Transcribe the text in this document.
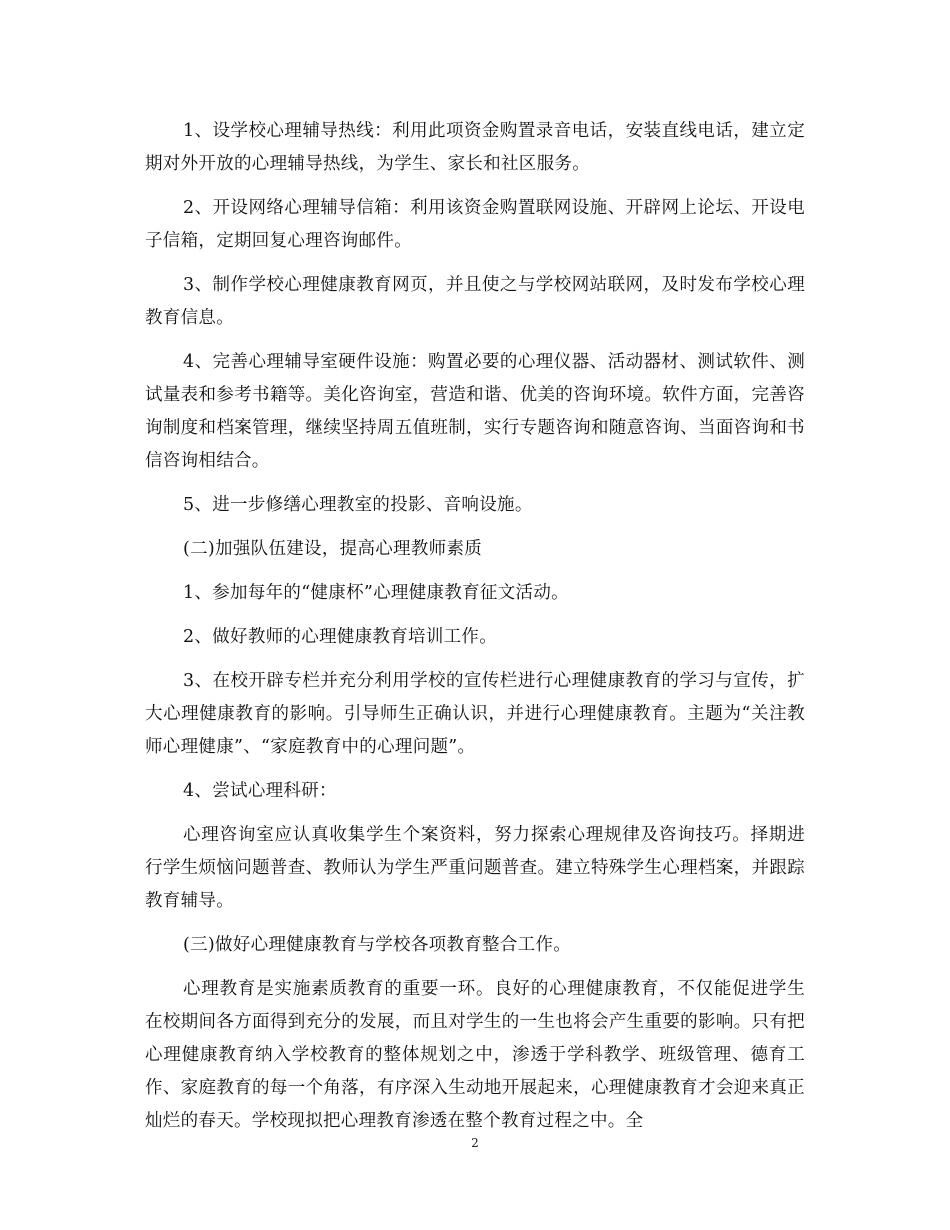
1、设学校心理辅导热线：利用此项资金购置录音电话，安装直线电话，建立定期对外开放的心理辅导热线，为学生、家长和社区服务。

2、开设网络心理辅导信箱：利用该资金购置联网设施、开辟网上论坛、开设电子信箱，定期回复心理咨询邮件。

3、制作学校心理健康教育网页，并且使之与学校网站联网，及时发布学校心理教育信息。

4、完善心理辅导室硬件设施：购置必要的心理仪器、活动器材、测试软件、测试量表和参考书籍等。美化咨询室，营造和谐、优美的咨询环境。软件方面，完善咨询制度和档案管理，继续坚持周五值班制，实行专题咨询和随意咨询、当面咨询和书信咨询相结合。

5、进一步修缮心理教室的投影、音响设施。

(二)加强队伍建设，提高心理教师素质

1、参加每年的“健康杯”心理健康教育征文活动。

2、做好教师的心理健康教育培训工作。

3、在校开辟专栏并充分利用学校的宣传栏进行心理健康教育的学习与宣传，扩大心理健康教育的影响。引导师生正确认识，并进行心理健康教育。主题为“关注教师心理健康”、“家庭教育中的心理问题”。

4、尝试心理科研：

心理咨询室应认真收集学生个案资料，努力探索心理规律及咨询技巧。择期进行学生烦恼问题普查、教师认为学生严重问题普查。建立特殊学生心理档案，并跟踪教育辅导。

(三)做好心理健康教育与学校各项教育整合工作。

心理教育是实施素质教育的重要一环。良好的心理健康教育，不仅能促进学生在校期间各方面得到充分的发展，而且对学生的一生也将会产生重要的影响。只有把心理健康教育纳入学校教育的整体规划之中，渗透于学科教学、班级管理、德育工作、家庭教育的每一个角落，有序深入生动地开展起来，心理健康教育才会迎来真正灿烂的春天。学校现拟把心理教育渗透在整个教育过程之中。全

2
